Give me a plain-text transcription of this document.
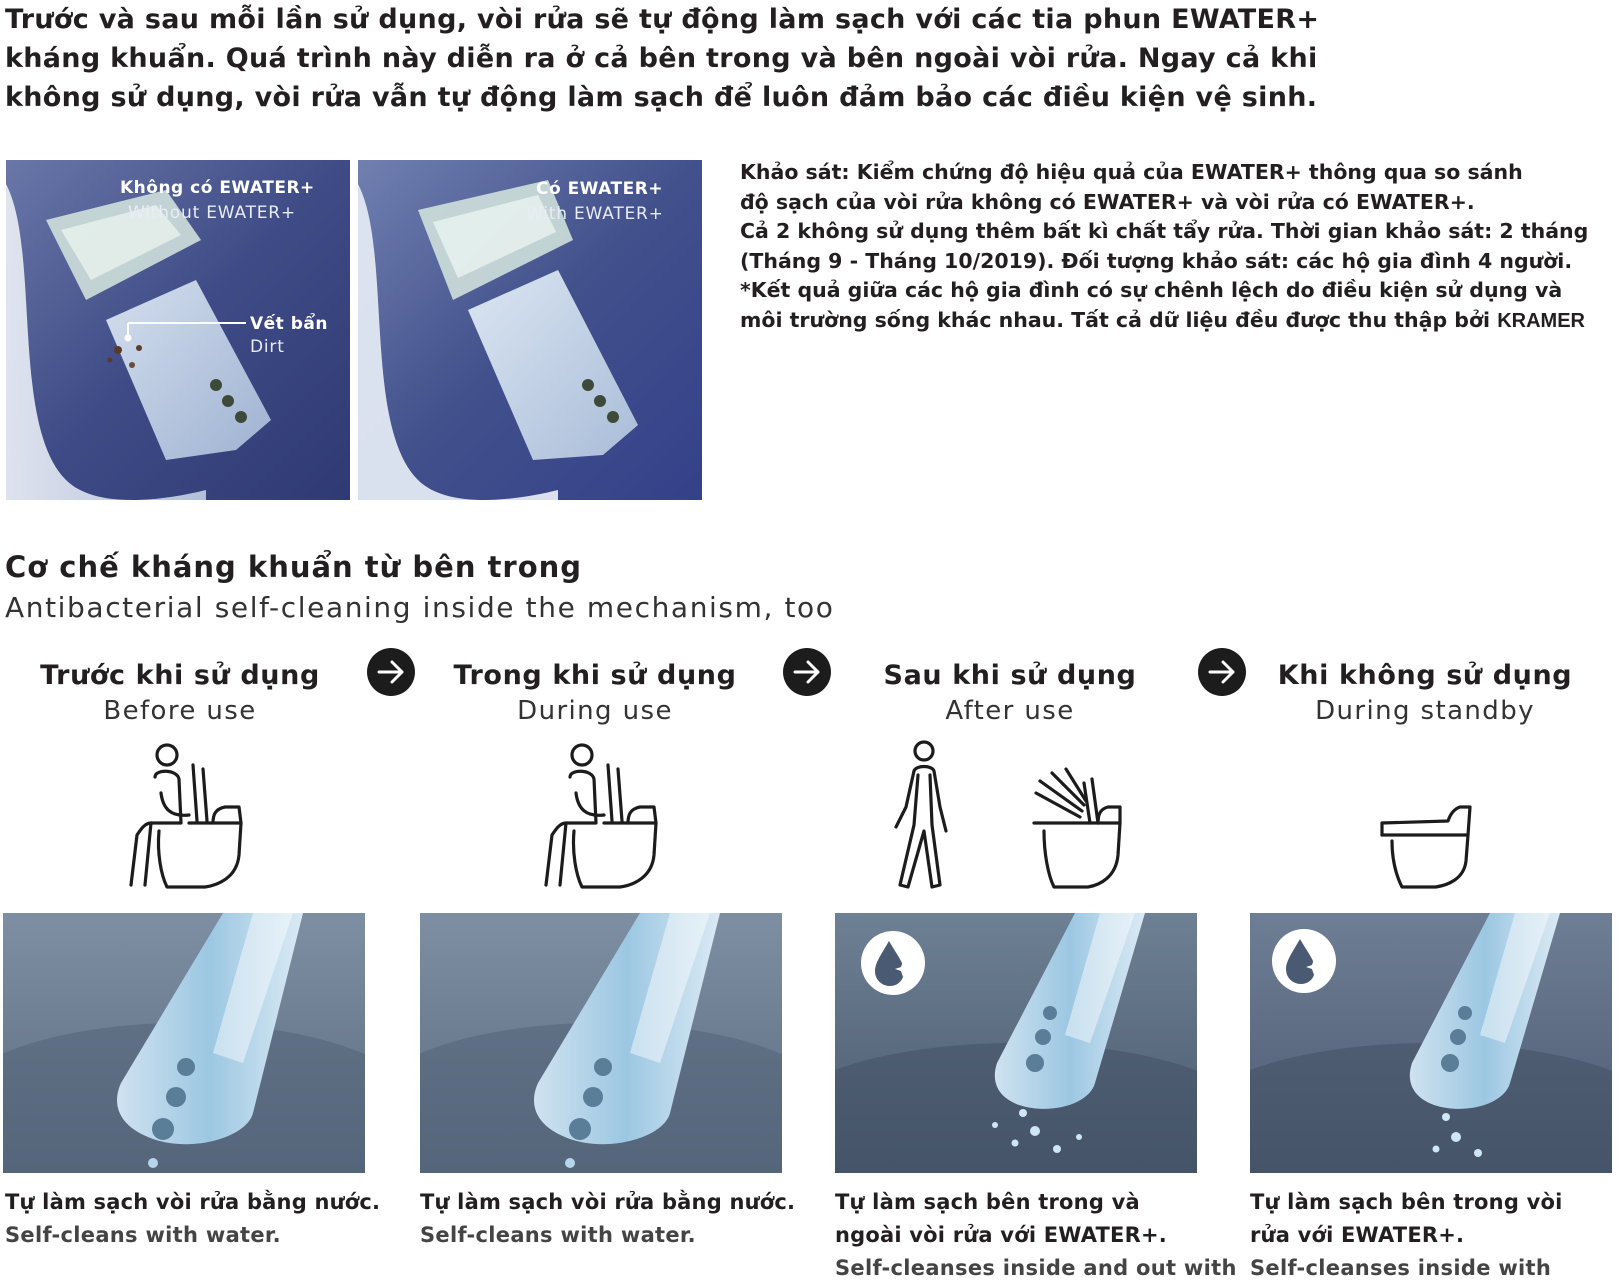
Trước và sau mỗi lần sử dụng, vòi rửa sẽ tự động làm sạch với các tia phun EWATER+
kháng khuẩn. Quá trình này diễn ra ở cả bên trong và bên ngoài vòi rửa. Ngay cả khi
không sử dụng, vòi rửa vẫn tự động làm sạch để luôn đảm bảo các điều kiện vệ sinh.
Không có EWATER+
Without EWATER+
Vết bẩn
Dirt
Có EWATER+
With EWATER+
Khảo sát: Kiểm chứng độ hiệu quả của EWATER+ thông qua so sánh
độ sạch của vòi rửa không có EWATER+ và vòi rửa có EWATER+.
Cả 2 không sử dụng thêm bất kì chất tẩy rửa. Thời gian khảo sát: 2 tháng
(Tháng 9 - Tháng 10/2019). Đối tượng khảo sát: các hộ gia đình 4 người.
*Kết quả giữa các hộ gia đình có sự chênh lệch do điều kiện sử dụng và
môi trường sống khác nhau. Tất cả dữ liệu đều được thu thập bởi KRAMER
Cơ chế kháng khuẩn từ bên trong
Antibacterial self-cleaning inside the mechanism, too
Trước khi sử dụng
Before use
Trong khi sử dụng
During use
Sau khi sử dụng
After use
Khi không sử dụng
During standby
Tự làm sạch vòi rửa bằng nước.
Self-cleans with water.
Tự làm sạch vòi rửa bằng nước.
Self-cleans with water.
Tự làm sạch bên trong và ngoài vòi rửa với EWATER+.
Self-cleanses inside and out with
Tự làm sạch bên trong vòi rửa với EWATER+.
Self-cleanses inside with
